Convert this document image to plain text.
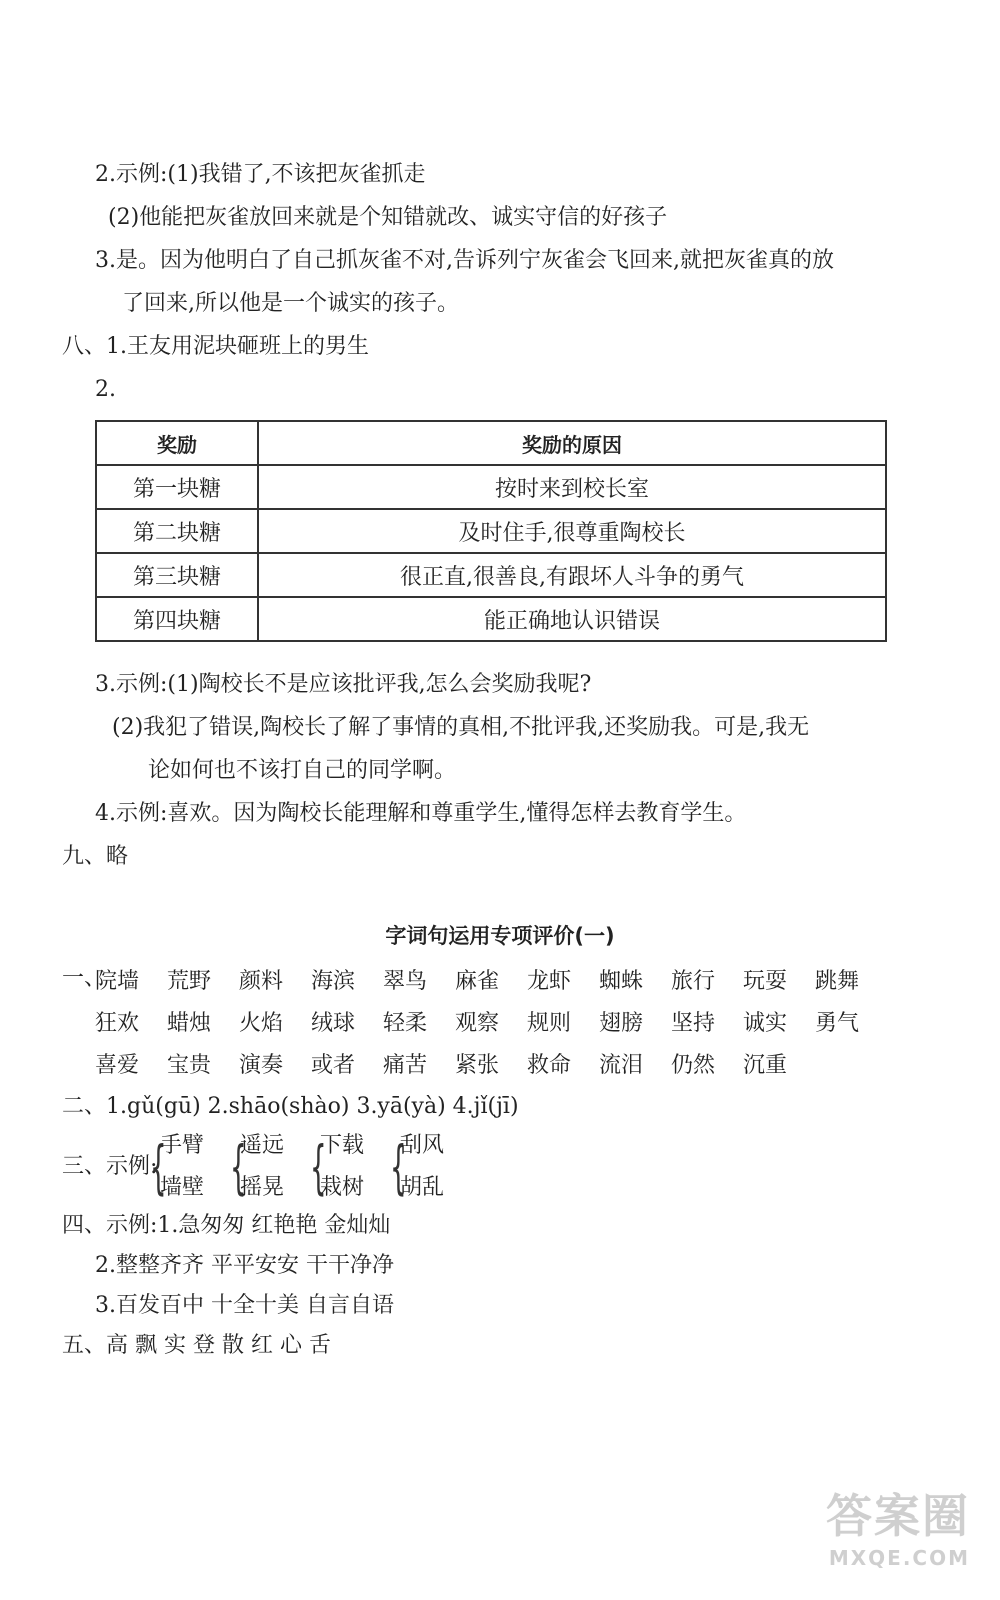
2.示例:(1)我错了,不该把灰雀抓走
(2)他能把灰雀放回来就是个知错就改、诚实守信的好孩子
3.是。因为他明白了自己抓灰雀不对,告诉列宁灰雀会飞回来,就把灰雀真的放
了回来,所以他是一个诚实的孩子。
八、1.王友用泥块砸班上的男生
2.
奖励	奖励的原因
第一块糖	按时来到校长室
第二块糖	及时住手,很尊重陶校长
第三块糖	很正直,很善良,有跟坏人斗争的勇气
第四块糖	能正确地认识错误
3.示例:(1)陶校长不是应该批评我,怎么会奖励我呢?
(2)我犯了错误,陶校长了解了事情的真相,不批评我,还奖励我。可是,我无
论如何也不该打自己的同学啊。
4.示例:喜欢。因为陶校长能理解和尊重学生,懂得怎样去教育学生。
九、略
字词句运用专项评价(一)
一、
院墙 荒野 颜料 海滨 翠鸟 麻雀 龙虾 蜘蛛 旅行 玩耍 跳舞
狂欢 蜡烛 火焰 绒球 轻柔 观察 规则 翅膀 坚持 诚实 勇气
喜爱 宝贵 演奏 或者 痛苦 紧张 救命 流泪 仍然 沉重
二、1.gǔ(gū) 2.shāo(shào) 3.yā(yà) 4.jǐ(jī)
三、示例:
{
手臂
墙壁 {
遥远
摇晃 {
下载
栽树 {
刮风
胡乱
四、示例:1.急匆匆 红艳艳 金灿灿
2.整整齐齐 平平安安 干干净净
3.百发百中 十全十美 自言自语
五、高 飘 实 登 散 红 心 舌
答案圈
MXQE.COM
